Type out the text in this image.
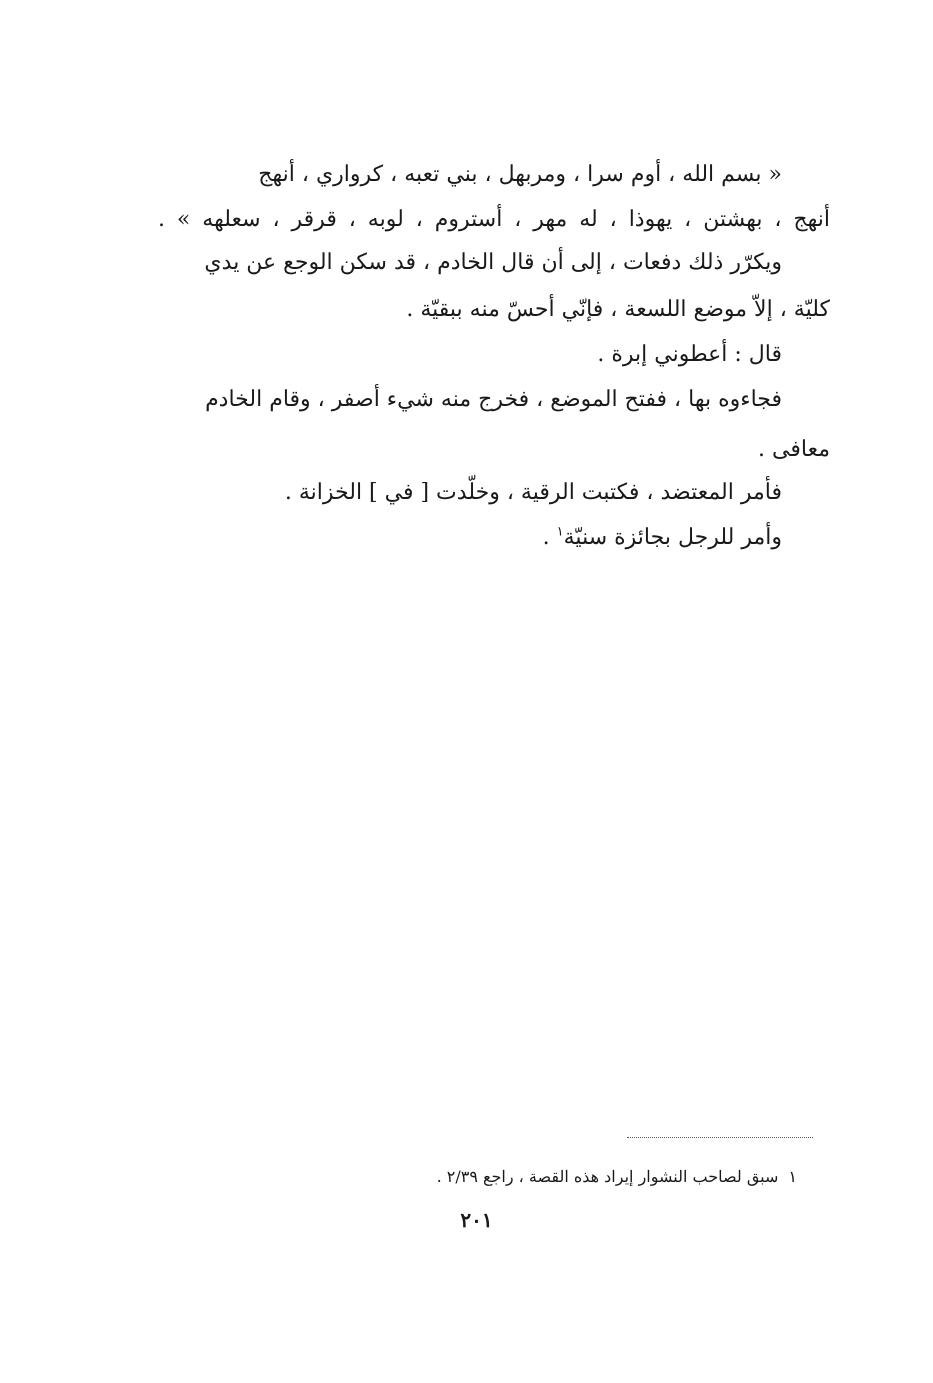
« بسم الله ، أوم سرا ، ومربهل ، بني تعبه ، كرواري ، أنهج
أنهج ، بهشتن ، يهوذا ، له مهر ، أستروم ، لوبه ، قرقر ، سعلهه » .
ويكرّر ذلك دفعات ، إلى أن قال الخادم ، قد سكن الوجع عن يدي
كليّة ، إلاّ موضع اللسعة ، فإنّي أحسّ منه ببقيّة .
قال : أعطوني إبرة .
فجاءوه بها ، ففتح الموضع ، فخرج منه شيء أصفر ، وقام الخادم
معافى .
فأمر المعتضد ، فكتبت الرقية ، وخلّدت [ في ] الخزانة .
وأمر للرجل بجائزة سنيّة$^١$ .
١سبق لصاحب النشوار إيراد هذه القصة ، راجع ٢/٣٩ .
٢٠١
